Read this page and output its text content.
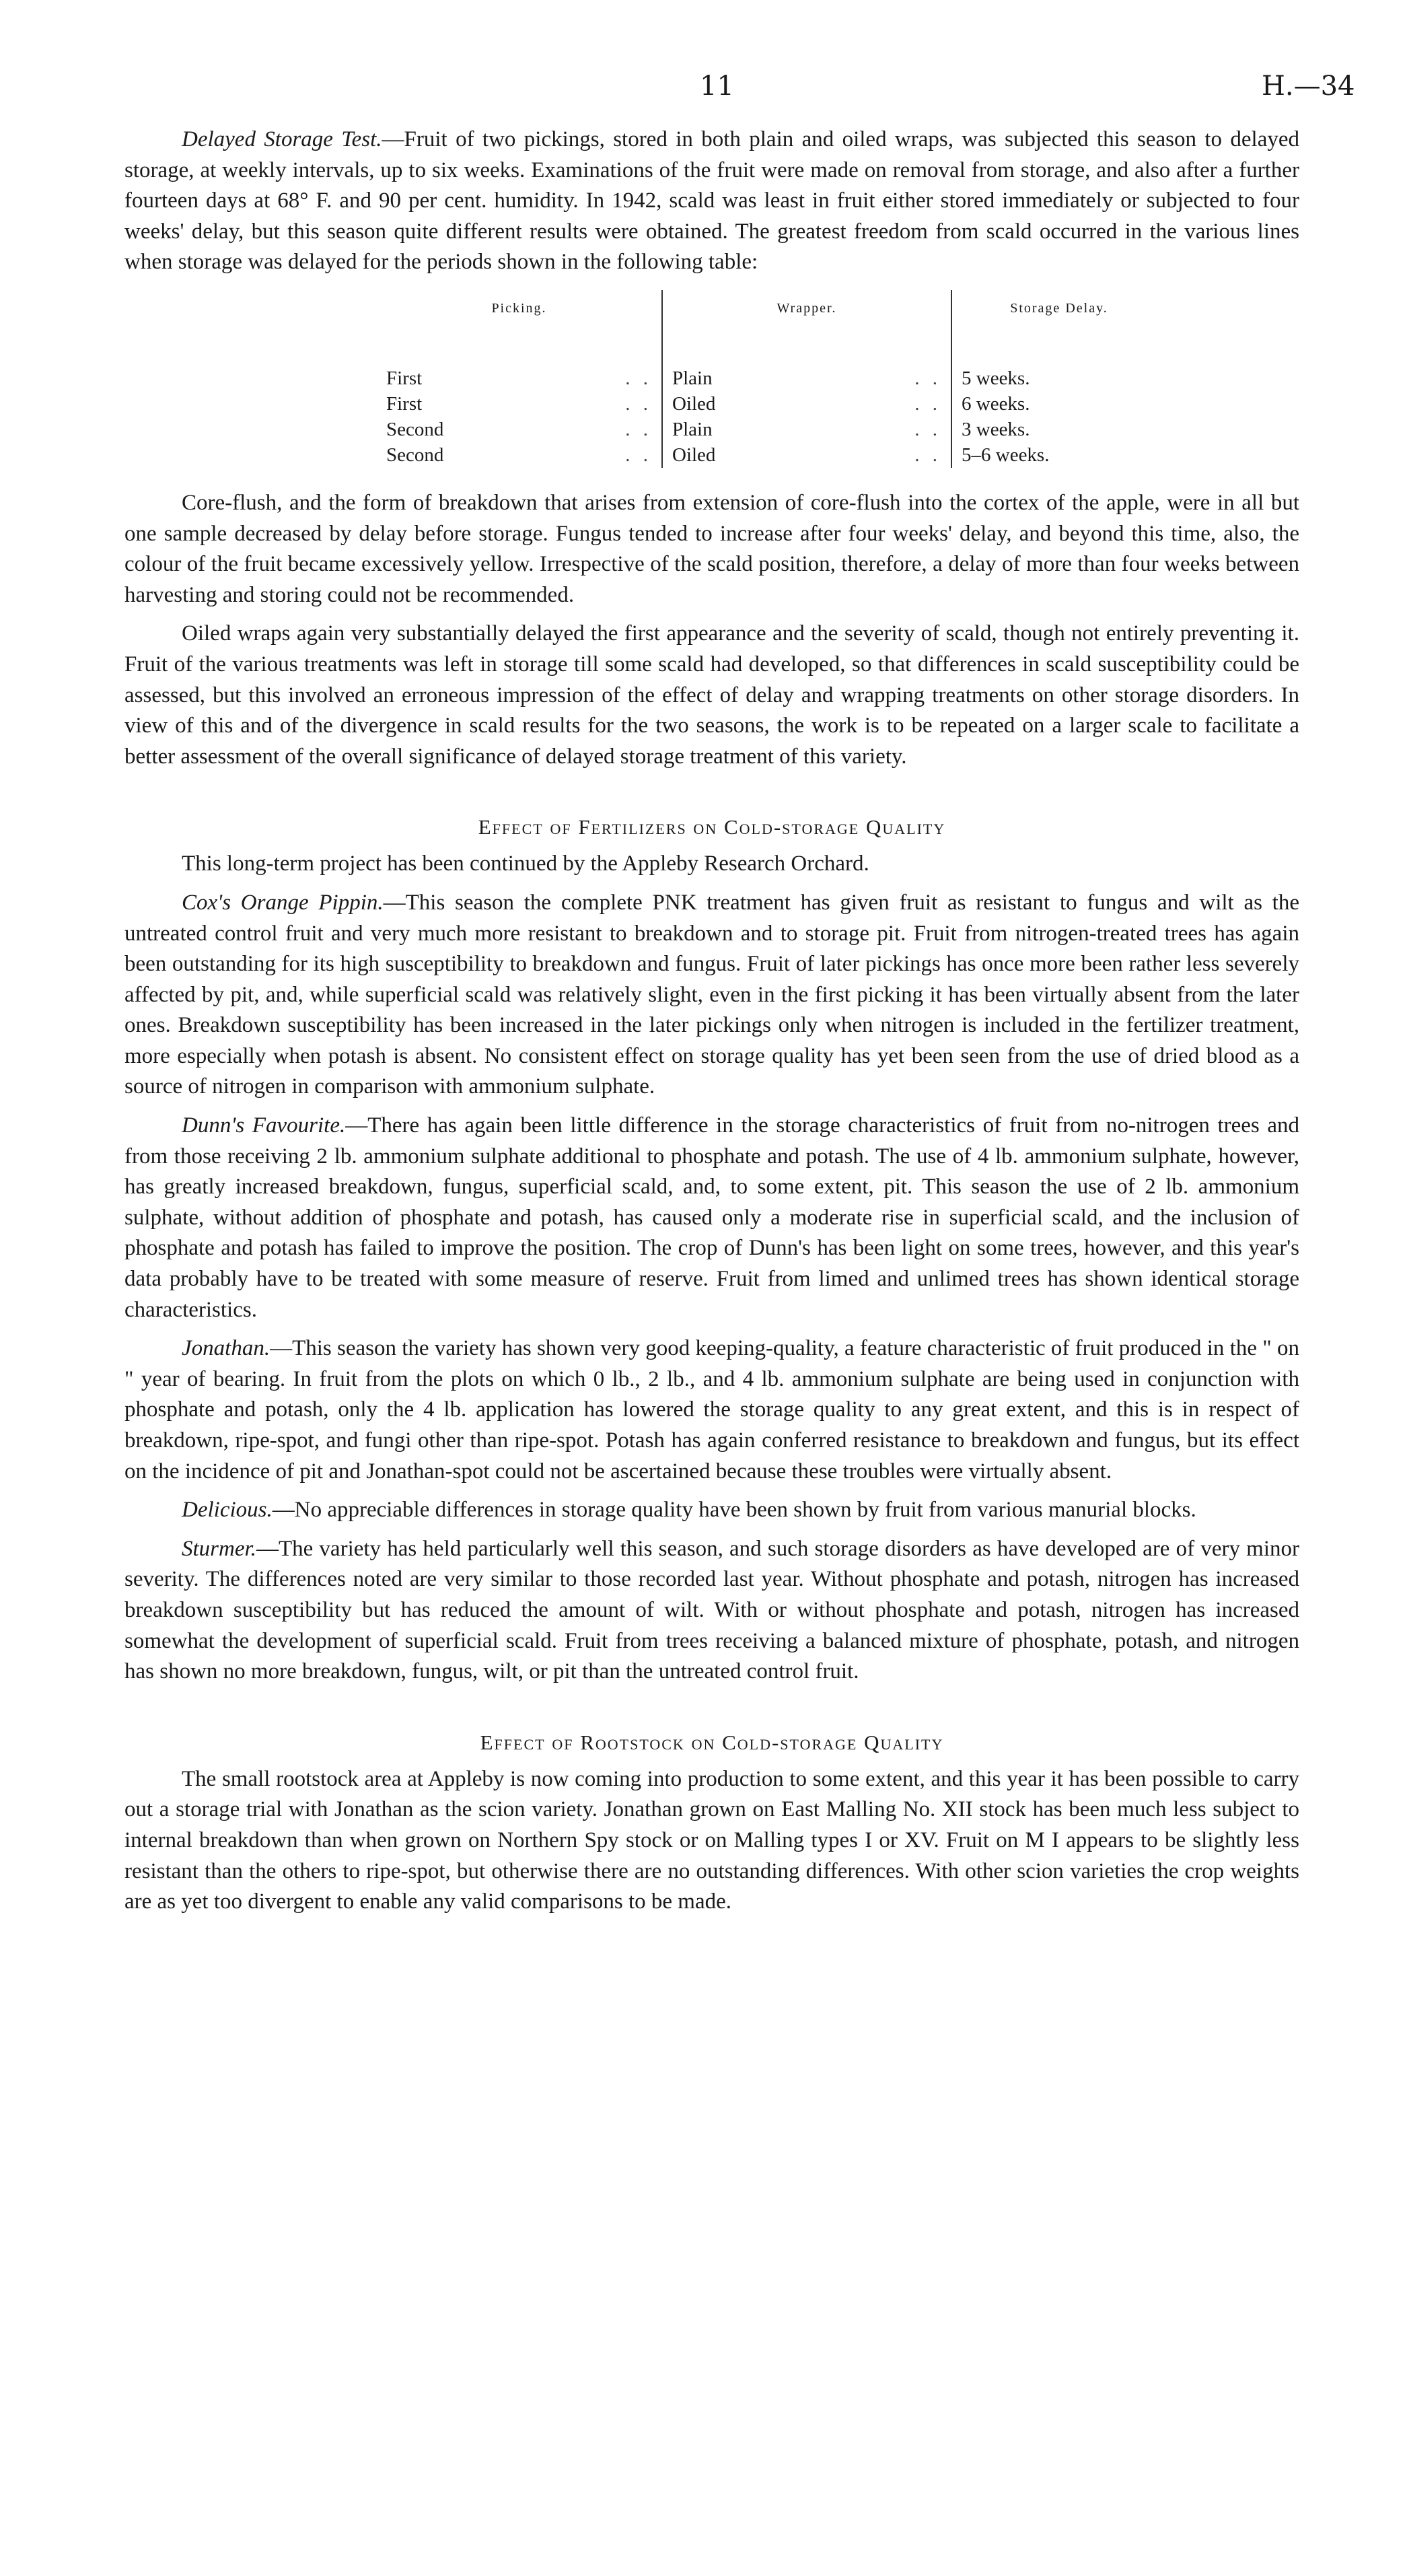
11	H.—34

Delayed Storage Test.—Fruit of two pickings, stored in both plain and oiled wraps, was subjected this season to delayed storage, at weekly intervals, up to six weeks. Examinations of the fruit were made on removal from storage, and also after a further fourteen days at 68° F. and 90 per cent. humidity. In 1942, scald was least in fruit either stored immediately or subjected to four weeks' delay, but this season quite different results were obtained. The greatest freedom from scald occurred in the various lines when storage was delayed for the periods shown in the following table:

Picking.	Wrapper.	Storage Delay.
First . .	Plain . .	5 weeks.
First . .	Oiled . .	6 weeks.
Second . .	Plain . .	3 weeks.
Second . .	Oiled . .	5–6 weeks.

Core-flush, and the form of breakdown that arises from extension of core-flush into the cortex of the apple, were in all but one sample decreased by delay before storage. Fungus tended to increase after four weeks' delay, and beyond this time, also, the colour of the fruit became excessively yellow. Irrespective of the scald position, therefore, a delay of more than four weeks between harvesting and storing could not be recommended.

Oiled wraps again very substantially delayed the first appearance and the severity of scald, though not entirely preventing it. Fruit of the various treatments was left in storage till some scald had developed, so that differences in scald susceptibility could be assessed, but this involved an erroneous impression of the effect of delay and wrapping treatments on other storage disorders. In view of this and of the divergence in scald results for the two seasons, the work is to be repeated on a larger scale to facilitate a better assessment of the overall significance of delayed storage treatment of this variety.

Effect of Fertilizers on Cold-storage Quality

This long-term project has been continued by the Appleby Research Orchard.

Cox's Orange Pippin.—This season the complete PNK treatment has given fruit as resistant to fungus and wilt as the untreated control fruit and very much more resistant to breakdown and to storage pit. Fruit from nitrogen-treated trees has again been outstanding for its high susceptibility to breakdown and fungus. Fruit of later pickings has once more been rather less severely affected by pit, and, while superficial scald was relatively slight, even in the first picking it has been virtually absent from the later ones. Breakdown susceptibility has been increased in the later pickings only when nitrogen is included in the fertilizer treatment, more especially when potash is absent. No consistent effect on storage quality has yet been seen from the use of dried blood as a source of nitrogen in comparison with ammonium sulphate.

Dunn's Favourite.—There has again been little difference in the storage characteristics of fruit from no-nitrogen trees and from those receiving 2 lb. ammonium sulphate additional to phosphate and potash. The use of 4 lb. ammonium sulphate, however, has greatly increased breakdown, fungus, superficial scald, and, to some extent, pit. This season the use of 2 lb. ammonium sulphate, without addition of phosphate and potash, has caused only a moderate rise in superficial scald, and the inclusion of phosphate and potash has failed to improve the position. The crop of Dunn's has been light on some trees, however, and this year's data probably have to be treated with some measure of reserve. Fruit from limed and unlimed trees has shown identical storage characteristics.

Jonathan.—This season the variety has shown very good keeping-quality, a feature characteristic of fruit produced in the " on " year of bearing. In fruit from the plots on which 0 lb., 2 lb., and 4 lb. ammonium sulphate are being used in conjunction with phosphate and potash, only the 4 lb. application has lowered the storage quality to any great extent, and this is in respect of breakdown, ripe-spot, and fungi other than ripe-spot. Potash has again conferred resistance to breakdown and fungus, but its effect on the incidence of pit and Jonathan-spot could not be ascertained because these troubles were virtually absent.

Delicious.—No appreciable differences in storage quality have been shown by fruit from various manurial blocks.

Sturmer.—The variety has held particularly well this season, and such storage disorders as have developed are of very minor severity. The differences noted are very similar to those recorded last year. Without phosphate and potash, nitrogen has increased breakdown susceptibility but has reduced the amount of wilt. With or without phosphate and potash, nitrogen has increased somewhat the development of superficial scald. Fruit from trees receiving a balanced mixture of phosphate, potash, and nitrogen has shown no more breakdown, fungus, wilt, or pit than the untreated control fruit.

Effect of Rootstock on Cold-storage Quality

The small rootstock area at Appleby is now coming into production to some extent, and this year it has been possible to carry out a storage trial with Jonathan as the scion variety. Jonathan grown on East Malling No. XII stock has been much less subject to internal breakdown than when grown on Northern Spy stock or on Malling types I or XV. Fruit on M I appears to be slightly less resistant than the others to ripe-spot, but otherwise there are no outstanding differences. With other scion varieties the crop weights are as yet too divergent to enable any valid comparisons to be made.
